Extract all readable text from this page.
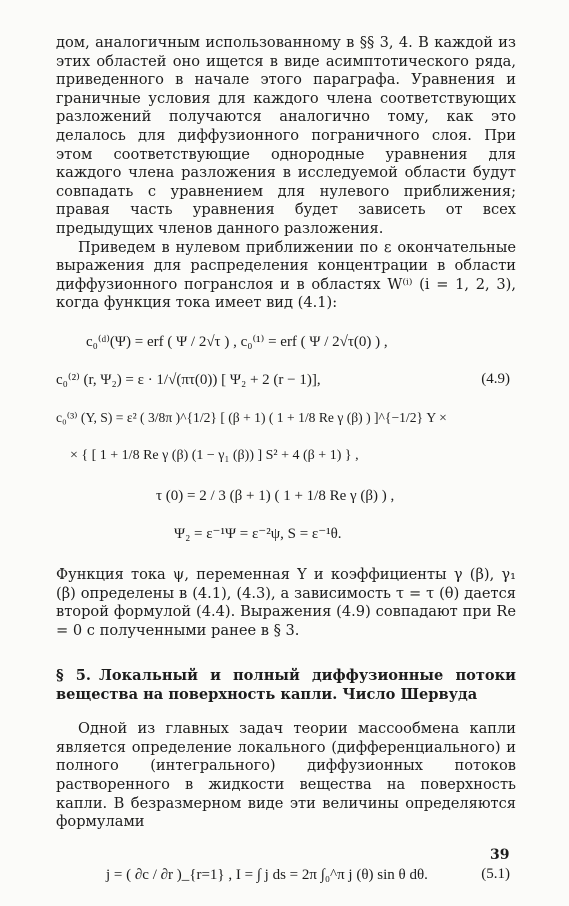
дом, аналогичным использованному в §§ 3, 4. В каждой из этих областей оно ищется в виде асимптотического ряда, приведенного в начале этого параграфа. Уравнения и граничные условия для каждого члена соответствующих разложений получаются аналогично тому, как это делалось для диффузионного пограничного слоя. При этом соответствующие однородные уравнения для каждого члена разложения в исследуемой области будут совпадать с уравнением для нулевого приближения; правая часть уравнения будет зависеть от всех предыдущих членов данного разложения.

Приведем в нулевом приближении по ε окончательные выражения для распределения концентрации в области диффузионного погранслоя и в областях W⁽ⁱ⁾ (i = 1, 2, 3), когда функция тока имеет вид (4.1):

c₀⁽ᵈ⁾(Ψ) = erf ( Ψ / 2√τ ) , c₀⁽¹⁾ = erf ( Ψ / 2√τ(0) ) ,
c₀⁽²⁾ (r, Ψ₂) = ε · 1/√(πτ(0)) [ Ψ₂ + 2 (r − 1)],	(4.9)
c₀⁽³⁾ (Y, S) = ε² ( 3/8π )^{1/2} [ (β + 1) ( 1 + 1/8 Re γ (β) ) ]^{−1/2} Y ×
× { [ 1 + 1/8 Re γ (β) (1 − γ₁ (β)) ] S² + 4 (β + 1) } ,
τ (0) = 2 / 3 (β + 1) ( 1 + 1/8 Re γ (β) ) ,
Ψ₂ = ε⁻¹Ψ = ε⁻²ψ, S = ε⁻¹θ.

Функция тока ψ, переменная Y и коэффициенты γ (β), γ₁ (β) определены в (4.1), (4.3), а зависимость τ = τ (θ) дается второй формулой (4.4). Выражения (4.9) совпадают при Re = 0 с полученными ранее в § 3.

§ 5. Локальный и полный диффузионные потоки вещества на поверхность капли. Число Шервуда

Одной из главных задач теории массообмена капли является определение локального (дифференциального) и полного (интегрального) диффузионных потоков растворенного в жидкости вещества на поверхность капли. В безразмерном виде эти величины определяются формулами

j = ( ∂c / ∂r )_{r=1} , I = ∫ j ds = 2π ∫₀^π j (θ) sin θ dθ.	(5.1)
39
